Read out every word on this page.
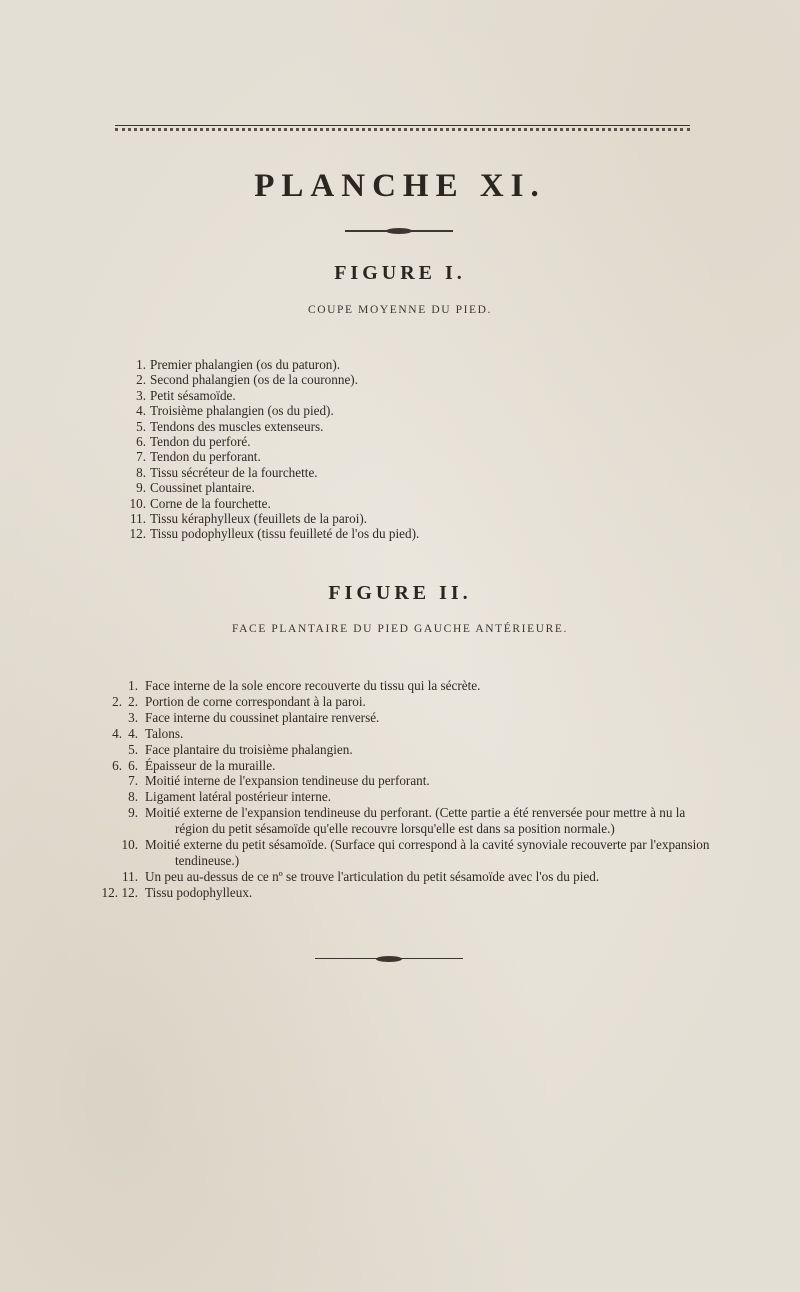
PLANCHE XI.
FIGURE I.
COUPE MOYENNE DU PIED.
1. Premier phalangien (os du paturon).
2. Second phalangien (os de la couronne).
3. Petit sésamoïde.
4. Troisième phalangien (os du pied).
5. Tendons des muscles extenseurs.
6. Tendon du perforé.
7. Tendon du perforant.
8. Tissu sécréteur de la fourchette.
9. Coussinet plantaire.
10. Corne de la fourchette.
11. Tissu kéraphylleux (feuillets de la paroi).
12. Tissu podophylleux (tissu feuilleté de l'os du pied).
FIGURE II.
FACE PLANTAIRE DU PIED GAUCHE ANTÉRIEURE.
1. Face interne de la sole encore recouverte du tissu qui la sécrète.
2. 2. Portion de corne correspondant à la paroi.
3. Face interne du coussinet plantaire renversé.
4. 4. Talons.
5. Face plantaire du troisième phalangien.
6. 6. Épaisseur de la muraille.
7. Moitié interne de l'expansion tendineuse du perforant.
8. Ligament latéral postérieur interne.
9. Moitié externe de l'expansion tendineuse du perforant. (Cette partie a été renversée pour mettre à nu la
région du petit sésamoïde qu'elle recouvre lorsqu'elle est dans sa position normale.)
10. Moitié externe du petit sésamoïde. (Surface qui correspond à la cavité synoviale recouverte par l'expansion
tendineuse.)
11. Un peu au-dessus de ce nº se trouve l'articulation du petit sésamoïde avec l'os du pied.
12. 12. Tissu podophylleux.
